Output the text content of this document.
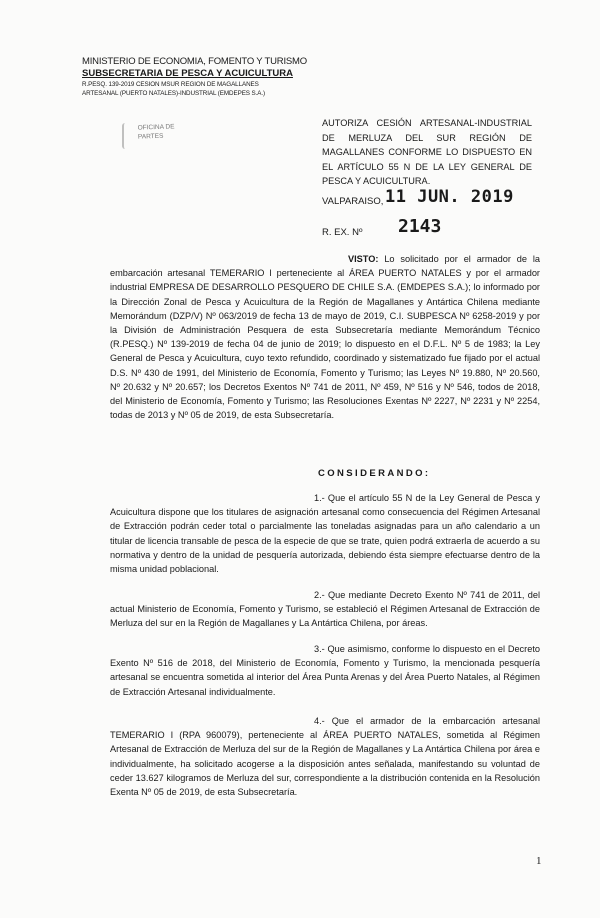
MINISTERIO DE ECONOMIA, FOMENTO Y TURISMO
SUBSECRETARIA DE PESCA Y ACUICULTURA
R.PESQ. 139-2019 CESION MSUR REGION DE MAGALLANES
ARTESANAL (PUERTO NATALES)-INDUSTRIAL (EMDEPES S.A.)
OFICINA DE
PARTES
AUTORIZA CESIÓN ARTESANAL-INDUSTRIAL DE MERLUZA DEL SUR REGIÓN DE MAGALLANES CONFORME LO DISPUESTO EN EL ARTÍCULO 55 N DE LA LEY GENERAL DE PESCA Y ACUICULTURA.
VALPARAISO, 11 JUN. 2019
R. EX. Nº 2143
VISTO: Lo solicitado por el armador de la embarcación artesanal TEMERARIO I perteneciente al ÁREA PUERTO NATALES y por el armador industrial EMPRESA DE DESARROLLO PESQUERO DE CHILE S.A. (EMDEPES S.A.); lo informado por la Dirección Zonal de Pesca y Acuicultura de la Región de Magallanes y Antártica Chilena mediante Memorándum (DZP/V) Nº 063/2019 de fecha 13 de mayo de 2019, C.I. SUBPESCA Nº 6258-2019 y por la División de Administración Pesquera de esta Subsecretaría mediante Memorándum Técnico (R.PESQ.) Nº 139-2019 de fecha 04 de junio de 2019; lo dispuesto en el D.F.L. Nº 5 de 1983; la Ley General de Pesca y Acuicultura, cuyo texto refundido, coordinado y sistematizado fue fijado por el actual D.S. Nº 430 de 1991, del Ministerio de Economía, Fomento y Turismo; las Leyes Nº 19.880, Nº 20.560, Nº 20.632 y Nº 20.657; los Decretos Exentos Nº 741 de 2011, Nº 459, Nº 516 y Nº 546, todos de 2018, del Ministerio de Economía, Fomento y Turismo; las Resoluciones Exentas Nº 2227, Nº 2231 y Nº 2254, todas de 2013 y Nº 05 de 2019, de esta Subsecretaría.
CONSIDERANDO:
1.- Que el artículo 55 N de la Ley General de Pesca y Acuicultura dispone que los titulares de asignación artesanal como consecuencia del Régimen Artesanal de Extracción podrán ceder total o parcialmente las toneladas asignadas para un año calendario a un titular de licencia transable de pesca de la especie de que se trate, quien podrá extraerla de acuerdo a su normativa y dentro de la unidad de pesquería autorizada, debiendo ésta siempre efectuarse dentro de la misma unidad poblacional.
2.- Que mediante Decreto Exento Nº 741 de 2011, del actual Ministerio de Economía, Fomento y Turismo, se estableció el Régimen Artesanal de Extracción de Merluza del sur en la Región de Magallanes y La Antártica Chilena, por áreas.
3.- Que asimismo, conforme lo dispuesto en el Decreto Exento Nº 516 de 2018, del Ministerio de Economía, Fomento y Turismo, la mencionada pesquería artesanal se encuentra sometida al interior del Área Punta Arenas y del Área Puerto Natales, al Régimen de Extracción Artesanal individualmente.
4.- Que el armador de la embarcación artesanal TEMERARIO I (RPA 960079), perteneciente al ÁREA PUERTO NATALES, sometida al Régimen Artesanal de Extracción de Merluza del sur de la Región de Magallanes y La Antártica Chilena por área e individualmente, ha solicitado acogerse a la disposición antes señalada, manifestando su voluntad de ceder 13.627 kilogramos de Merluza del sur, correspondiente a la distribución contenida en la Resolución Exenta Nº 05 de 2019, de esta Subsecretaría.
1
